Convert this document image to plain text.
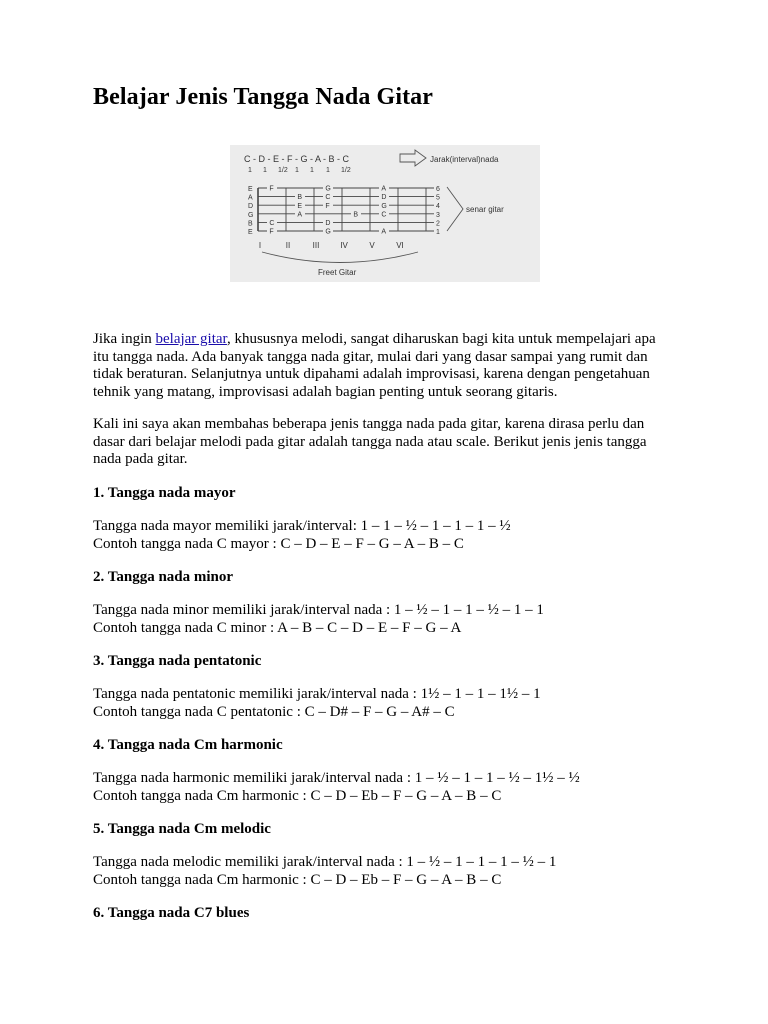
Belajar Jenis Tangga Nada Gitar
C - D - E - F - G - A - B - C
1 1 1/2 1 1 1 1/2
Jarak(interval)nada
E
A
D
G
B
E
6
5
4
3
2
1
F
C
F
B
E
A
G
C
F
D
G
B
A
D
G
C
A
senar gitar
I	II	III	IV	V	VI
Freet Gitar

Jika ingin belajar gitar, khususnya melodi, sangat diharuskan bagi kita untuk mempelajari apa

itu tangga nada. Ada banyak tangga nada gitar, mulai dari yang dasar sampai yang rumit dan

tidak beraturan. Selanjutnya untuk dipahami adalah improvisasi, karena dengan pengetahuan

tehnik yang matang, improvisasi adalah bagian penting untuk seorang gitaris.

Kali ini saya akan membahas beberapa jenis tangga nada pada gitar, karena dirasa perlu dan

dasar dari belajar melodi pada gitar adalah tangga nada atau scale. Berikut jenis jenis tangga

nada pada gitar.

1. Tangga nada mayor

Tangga nada mayor memiliki jarak/interval: 1 – 1 – ½ – 1 – 1 – 1 – ½

Contoh tangga nada C mayor : C – D – E – F – G – A – B – C

2. Tangga nada minor

Tangga nada minor memiliki jarak/interval nada : 1 – ½ – 1 – 1 – ½ – 1 – 1

Contoh tangga nada C minor : A – B – C – D – E – F – G – A

3. Tangga nada pentatonic

Tangga nada pentatonic memiliki jarak/interval nada : 1½ – 1 – 1 – 1½ – 1

Contoh tangga nada C pentatonic : C – D# – F – G – A# – C

4. Tangga nada Cm harmonic

Tangga nada harmonic memiliki jarak/interval nada : 1 – ½ – 1 – 1 – ½ – 1½ – ½

Contoh tangga nada Cm harmonic : C – D – Eb – F – G – A – B – C

5. Tangga nada Cm melodic

Tangga nada melodic memiliki jarak/interval nada : 1 – ½ – 1 – 1 – 1 – ½ – 1

Contoh tangga nada Cm harmonic : C – D – Eb – F – G – A – B – C

6. Tangga nada C7 blues
